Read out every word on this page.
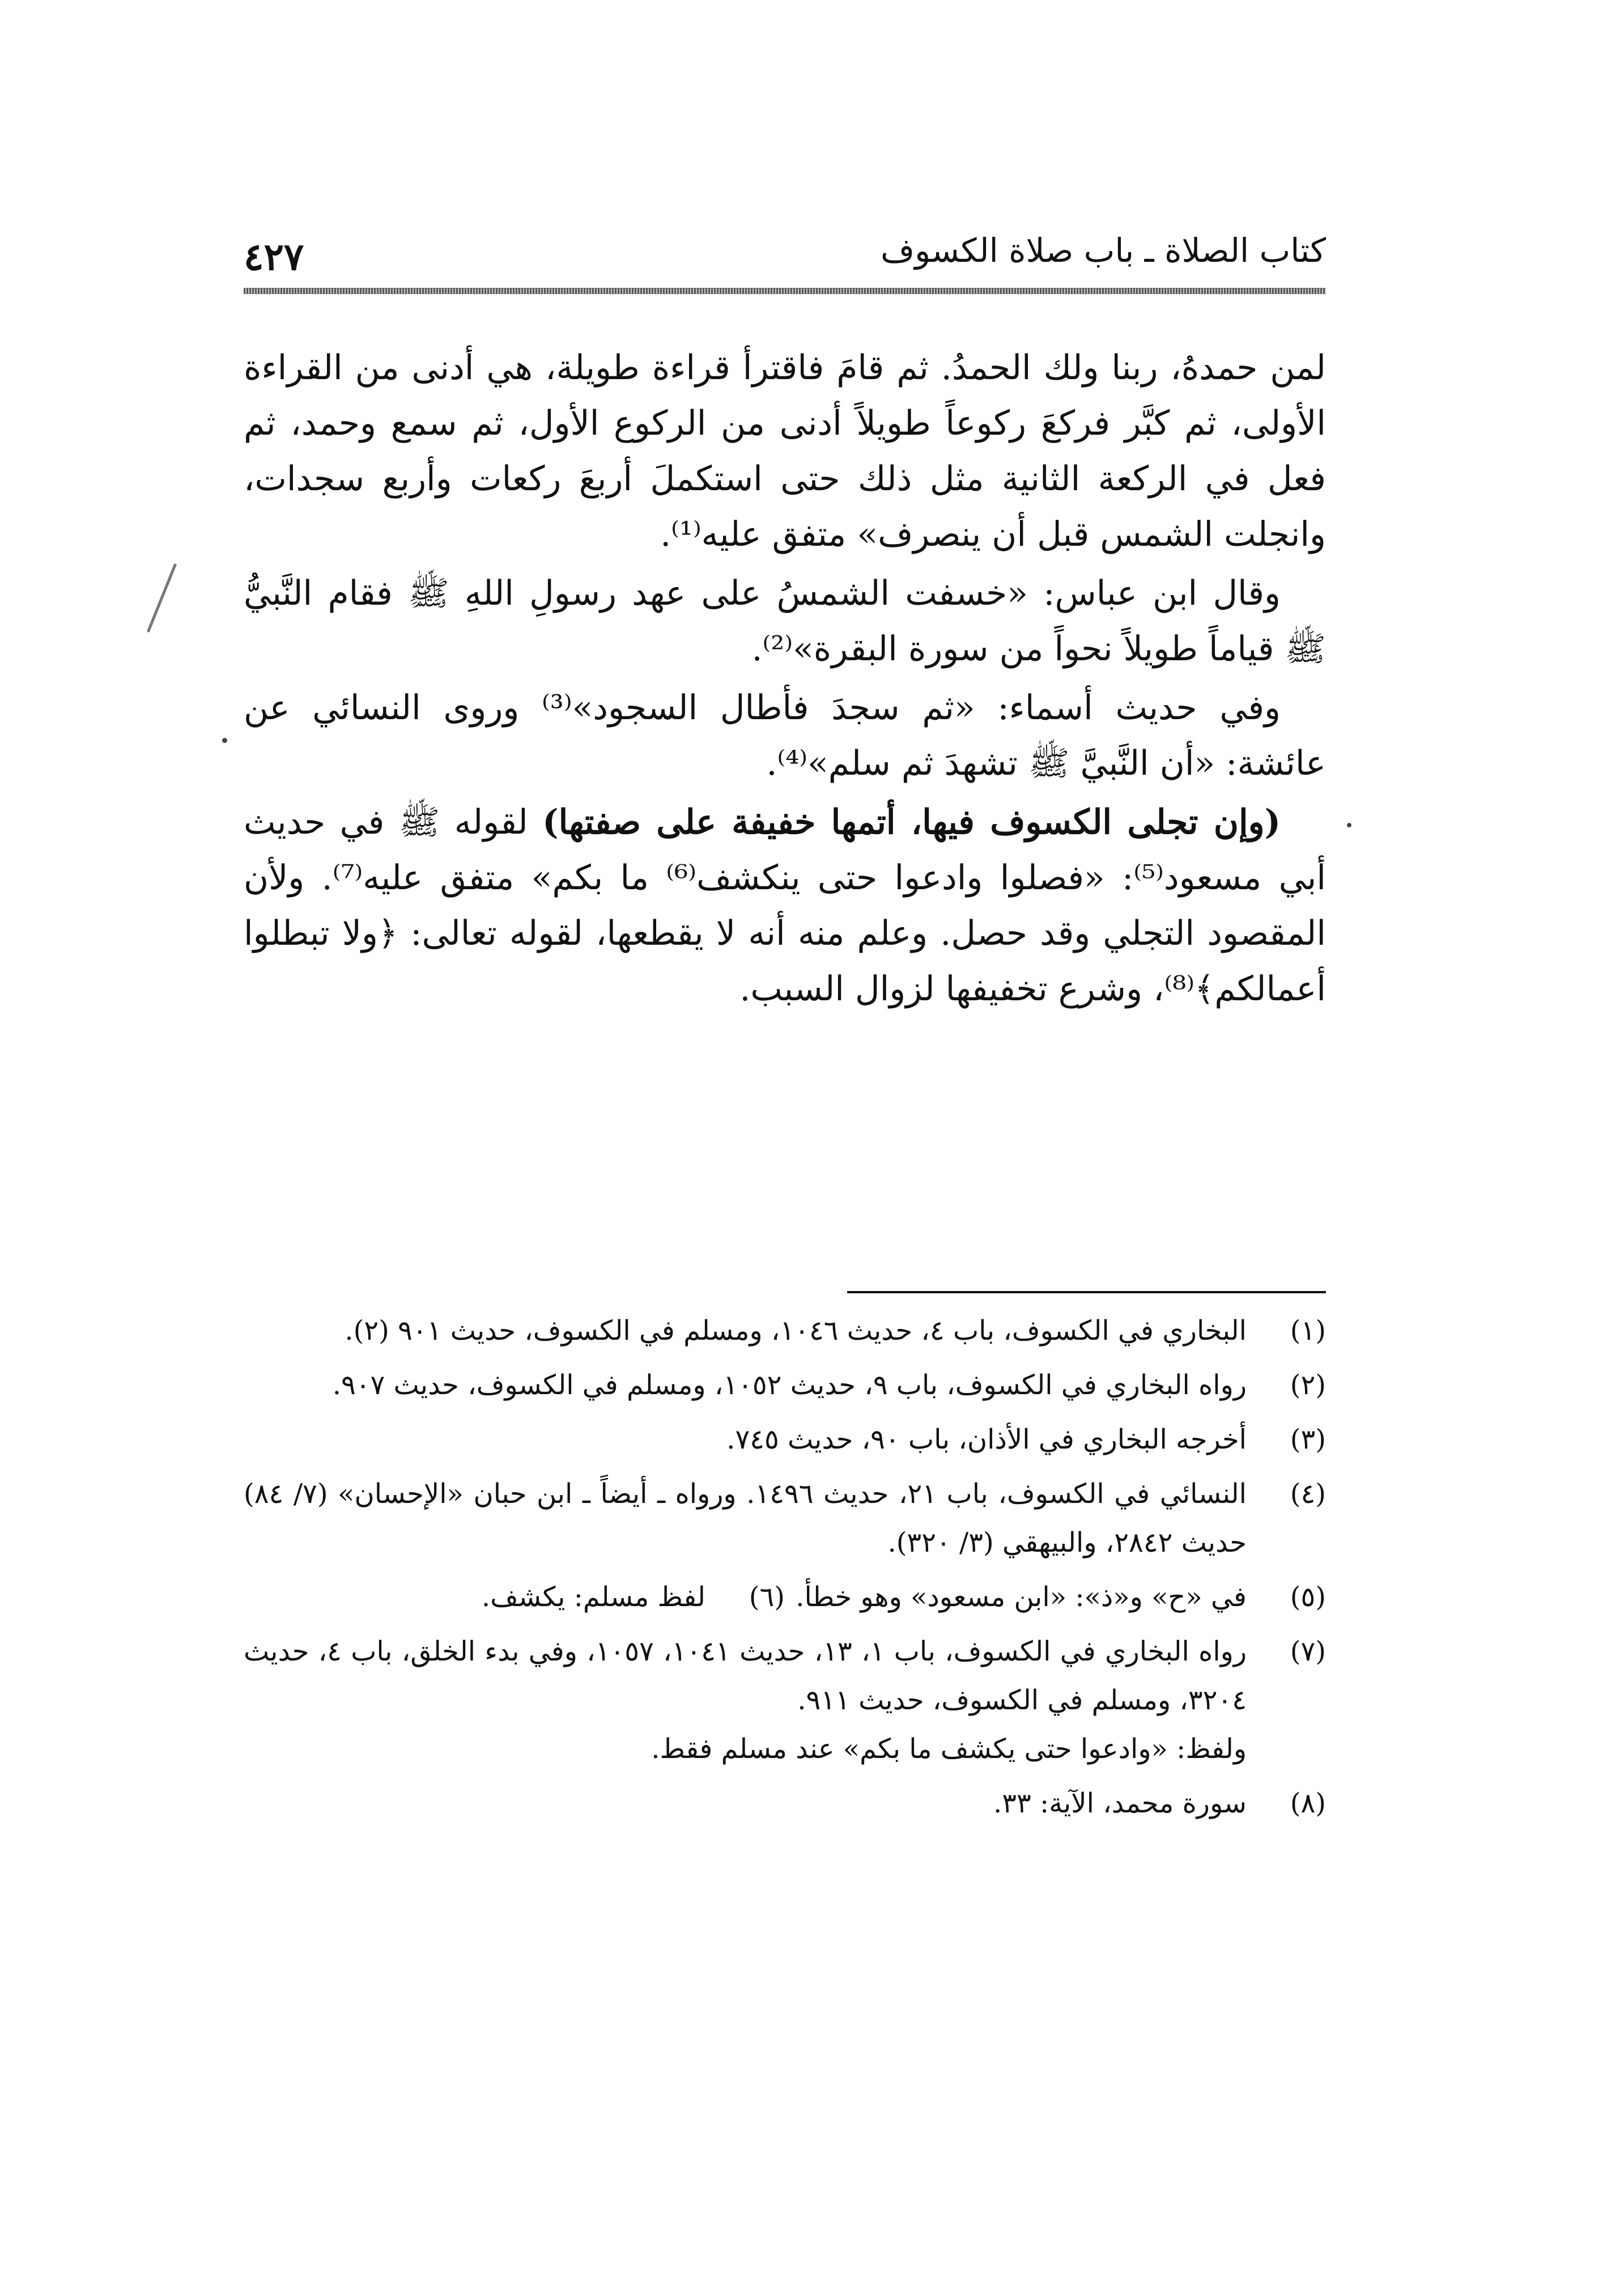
كتاب الصلاة ـ باب صلاة الكسوف
٤٢٧

لمن حمدهُ، ربنا ولك الحمدُ. ثم قامَ فاقترأ قراءة طويلة، هي أدنى من القراءة الأولى، ثم كبَّر فركعَ ركوعاً طويلاً أدنى من الركوع الأول، ثم سمع وحمد، ثم فعل في الركعة الثانية مثل ذلك حتى استكملَ أربعَ ركعات وأربع سجدات، وانجلت الشمس قبل أن ينصرف» متفق عليه⁽¹⁾.

وقال ابن عباس: «خسفت الشمسُ على عهد رسولِ اللهِ ﷺ فقام النَّبيُّ ﷺ قياماً طويلاً نحواً من سورة البقرة»⁽²⁾.

وفي حديث أسماء: «ثم سجدَ فأطال السجود»⁽³⁾ وروى النسائي عن عائشة: «أن النَّبيَّ ﷺ تشهدَ ثم سلم»⁽⁴⁾.

(وإن تجلى الكسوف فيها، أتمها خفيفة على صفتها) لقوله ﷺ في حديث أبي مسعود⁽⁵⁾: «فصلوا وادعوا حتى ينكشف⁽⁶⁾ ما بكم» متفق عليه⁽⁷⁾. ولأن المقصود التجلي وقد حصل. وعلم منه أنه لا يقطعها، لقوله تعالى: ﴿ولا تبطلوا أعمالكم﴾⁽⁸⁾، وشرع تخفيفها لزوال السبب.

(١)
البخاري في الكسوف، باب ٤، حديث ١٠٤٦، ومسلم في الكسوف، حديث ٩٠١ (٢).
(٢)
رواه البخاري في الكسوف، باب ٩، حديث ١٠٥٢، ومسلم في الكسوف، حديث ٩٠٧.
(٣)
أخرجه البخاري في الأذان، باب ٩٠، حديث ٧٤٥.
(٤)
النسائي في الكسوف، باب ٢١، حديث ١٤٩٦. ورواه ـ أيضاً ـ ابن حبان «الإحسان» (٧/ ٨٤) حديث ٢٨٤٢، والبيهقي (٣/ ٣٢٠).
(٥)
في «ح» و«ذ»: «ابن مسعود» وهو خطأ.
(٦)
لفظ مسلم: يكشف.
(٧)
رواه البخاري في الكسوف، باب ١، ١٣، حديث ١٠٤١، ١٠٥٧، وفي بدء الخلق، باب ٤، حديث ٣٢٠٤، ومسلم في الكسوف، حديث ٩١١.
ولفظ: «وادعوا حتى يكشف ما بكم» عند مسلم فقط.
(٨)
سورة محمد، الآية: ٣٣.
